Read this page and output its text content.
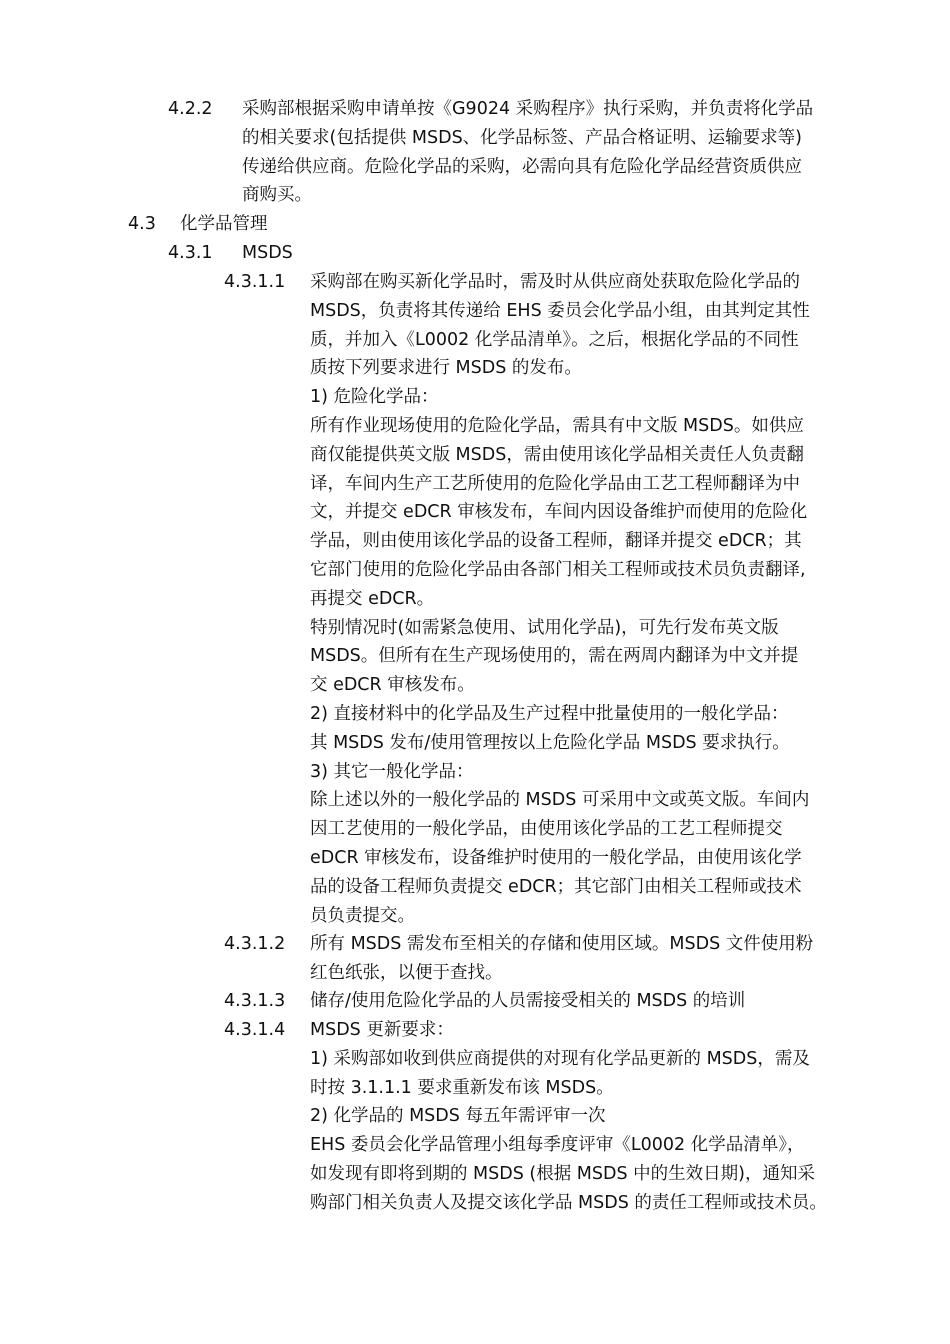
4.2.2 采购部根据采购申请单按《G9024 采购程序》执行采购，并负责将化学品
的相关要求(包括提供 MSDS、化学品标签、产品合格证明、运输要求等)
传递给供应商。危险化学品的采购，必需向具有危险化学品经营资质供应
商购买。
4.3 化学品管理
4.3.1 MSDS
4.3.1.1 采购部在购买新化学品时，需及时从供应商处获取危险化学品的
MSDS，负责将其传递给 EHS 委员会化学品小组，由其判定其性
质，并加入《L0002 化学品清单》。之后，根据化学品的不同性
质按下列要求进行 MSDS 的发布。
1) 危险化学品：
所有作业现场使用的危险化学品，需具有中文版 MSDS。如供应
商仅能提供英文版 MSDS，需由使用该化学品相关责任人负责翻
译，车间内生产工艺所使用的危险化学品由工艺工程师翻译为中
文，并提交 eDCR 审核发布，车间内因设备维护而使用的危险化
学品，则由使用该化学品的设备工程师，翻译并提交 eDCR；其
它部门使用的危险化学品由各部门相关工程师或技术员负责翻译,
再提交 eDCR。
特别情况时(如需紧急使用、试用化学品)，可先行发布英文版
MSDS。但所有在生产现场使用的，需在两周内翻译为中文并提
交 eDCR 审核发布。
2) 直接材料中的化学品及生产过程中批量使用的一般化学品：
其 MSDS 发布/使用管理按以上危险化学品 MSDS 要求执行。
3) 其它一般化学品：
除上述以外的一般化学品的 MSDS 可采用中文或英文版。车间内
因工艺使用的一般化学品，由使用该化学品的工艺工程师提交
eDCR 审核发布，设备维护时使用的一般化学品，由使用该化学
品的设备工程师负责提交 eDCR；其它部门由相关工程师或技术
员负责提交。
4.3.1.2 所有 MSDS 需发布至相关的存储和使用区域。MSDS 文件使用粉
红色纸张，以便于查找。
4.3.1.3 储存/使用危险化学品的人员需接受相关的 MSDS 的培训
4.3.1.4 MSDS 更新要求：
1) 采购部如收到供应商提供的对现有化学品更新的 MSDS，需及
时按 3.1.1.1 要求重新发布该 MSDS。
2) 化学品的 MSDS 每五年需评审一次
EHS 委员会化学品管理小组每季度评审《L0002 化学品清单》，
如发现有即将到期的 MSDS (根据 MSDS 中的生效日期)，通知采
购部门相关负责人及提交该化学品 MSDS 的责任工程师或技术员。
